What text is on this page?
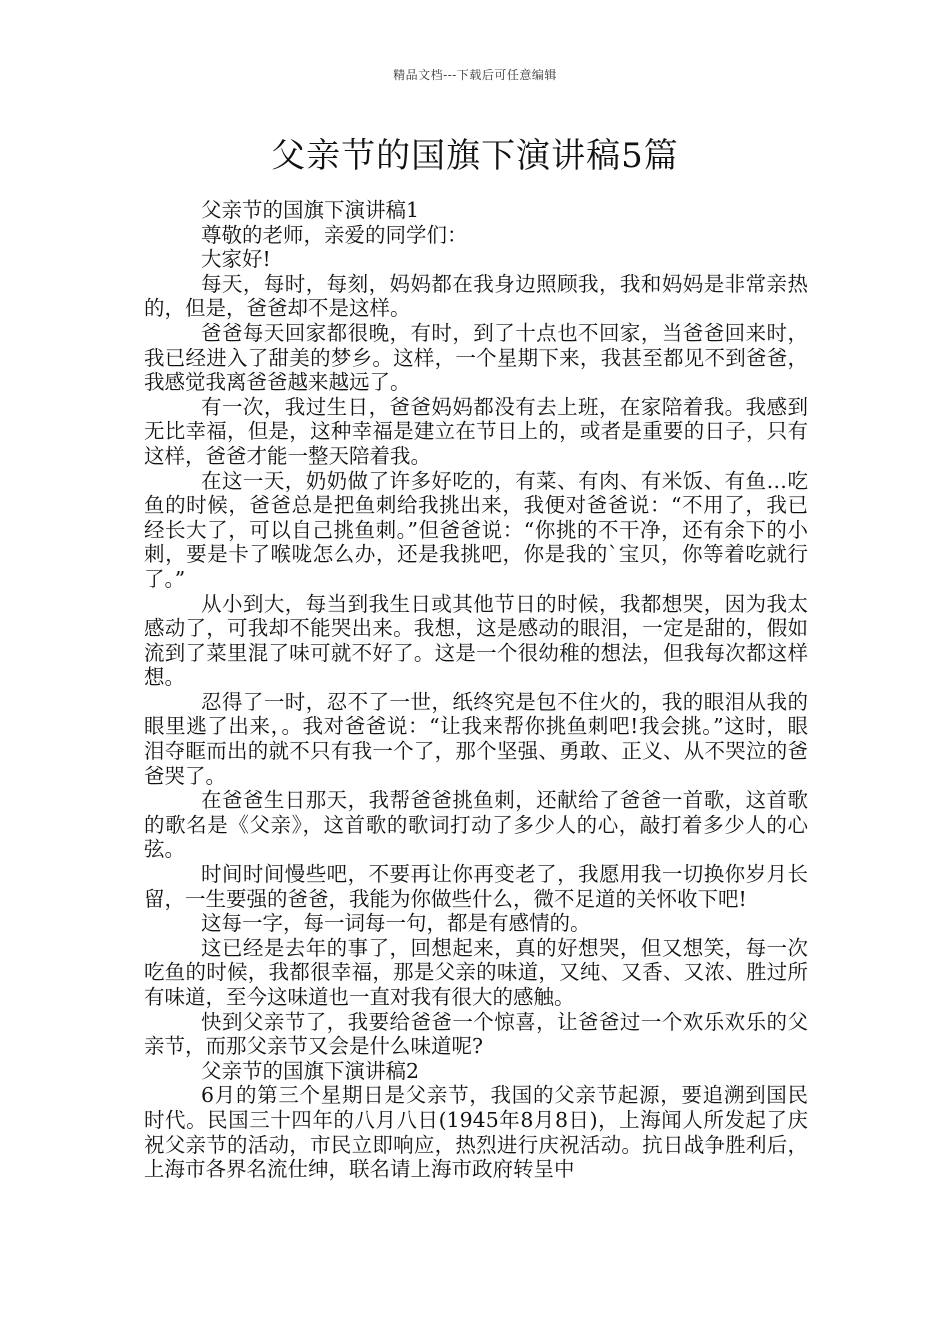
精品文档---下载后可任意编辑
父亲节的国旗下演讲稿5篇

父亲节的国旗下演讲稿1

尊敬的老师，亲爱的同学们：

大家好!

每天，每时，每刻，妈妈都在我身边照顾我，我和妈妈是非常亲热的，但是，爸爸却不是这样。

爸爸每天回家都很晚，有时，到了十点也不回家，当爸爸回来时，我已经进入了甜美的梦乡。这样，一个星期下来，我甚至都见不到爸爸，我感觉我离爸爸越来越远了。

有一次，我过生日，爸爸妈妈都没有去上班，在家陪着我。我感到无比幸福，但是，这种幸福是建立在节日上的，或者是重要的日子，只有这样，爸爸才能一整天陪着我。

在这一天，奶奶做了许多好吃的，有菜、有肉、有米饭、有鱼…吃鱼的时候，爸爸总是把鱼刺给我挑出来，我便对爸爸说：“不用了，我已经长大了，可以自己挑鱼刺。”但爸爸说：“你挑的不干净，还有余下的小刺，要是卡了喉咙怎么办，还是我挑吧，你是我的`宝贝，你等着吃就行了。”

从小到大，每当到我生日或其他节日的时候，我都想哭，因为我太感动了，可我却不能哭出来。我想，这是感动的眼泪，一定是甜的，假如流到了菜里混了味可就不好了。这是一个很幼稚的想法，但我每次都这样想。

忍得了一时，忍不了一世，纸终究是包不住火的，我的眼泪从我的眼里逃了出来，。我对爸爸说：“让我来帮你挑鱼刺吧!我会挑。”这时，眼泪夺眶而出的就不只有我一个了，那个坚强、勇敢、正义、从不哭泣的爸爸哭了。

在爸爸生日那天，我帮爸爸挑鱼刺，还献给了爸爸一首歌，这首歌的歌名是《父亲》，这首歌的歌词打动了多少人的心，敲打着多少人的心弦。

时间时间慢些吧，不要再让你再变老了，我愿用我一切换你岁月长留，一生要强的爸爸，我能为你做些什么，微不足道的关怀收下吧!

这每一字，每一词每一句，都是有感情的。

这已经是去年的事了，回想起来，真的好想哭，但又想笑，每一次吃鱼的时候，我都很幸福，那是父亲的味道，又纯、又香、又浓、胜过所有味道，至今这味道也一直对我有很大的感触。

快到父亲节了，我要给爸爸一个惊喜，让爸爸过一个欢乐欢乐的父亲节，而那父亲节又会是什么味道呢?

父亲节的国旗下演讲稿2

6月的第三个星期日是父亲节，我国的父亲节起源，要追溯到国民时代。民国三十四年的八月八日(1945年8月8日)，上海闻人所发起了庆祝父亲节的活动，市民立即响应，热烈进行庆祝活动。抗日战争胜利后，上海市各界名流仕绅，联名请上海市政府转呈中
